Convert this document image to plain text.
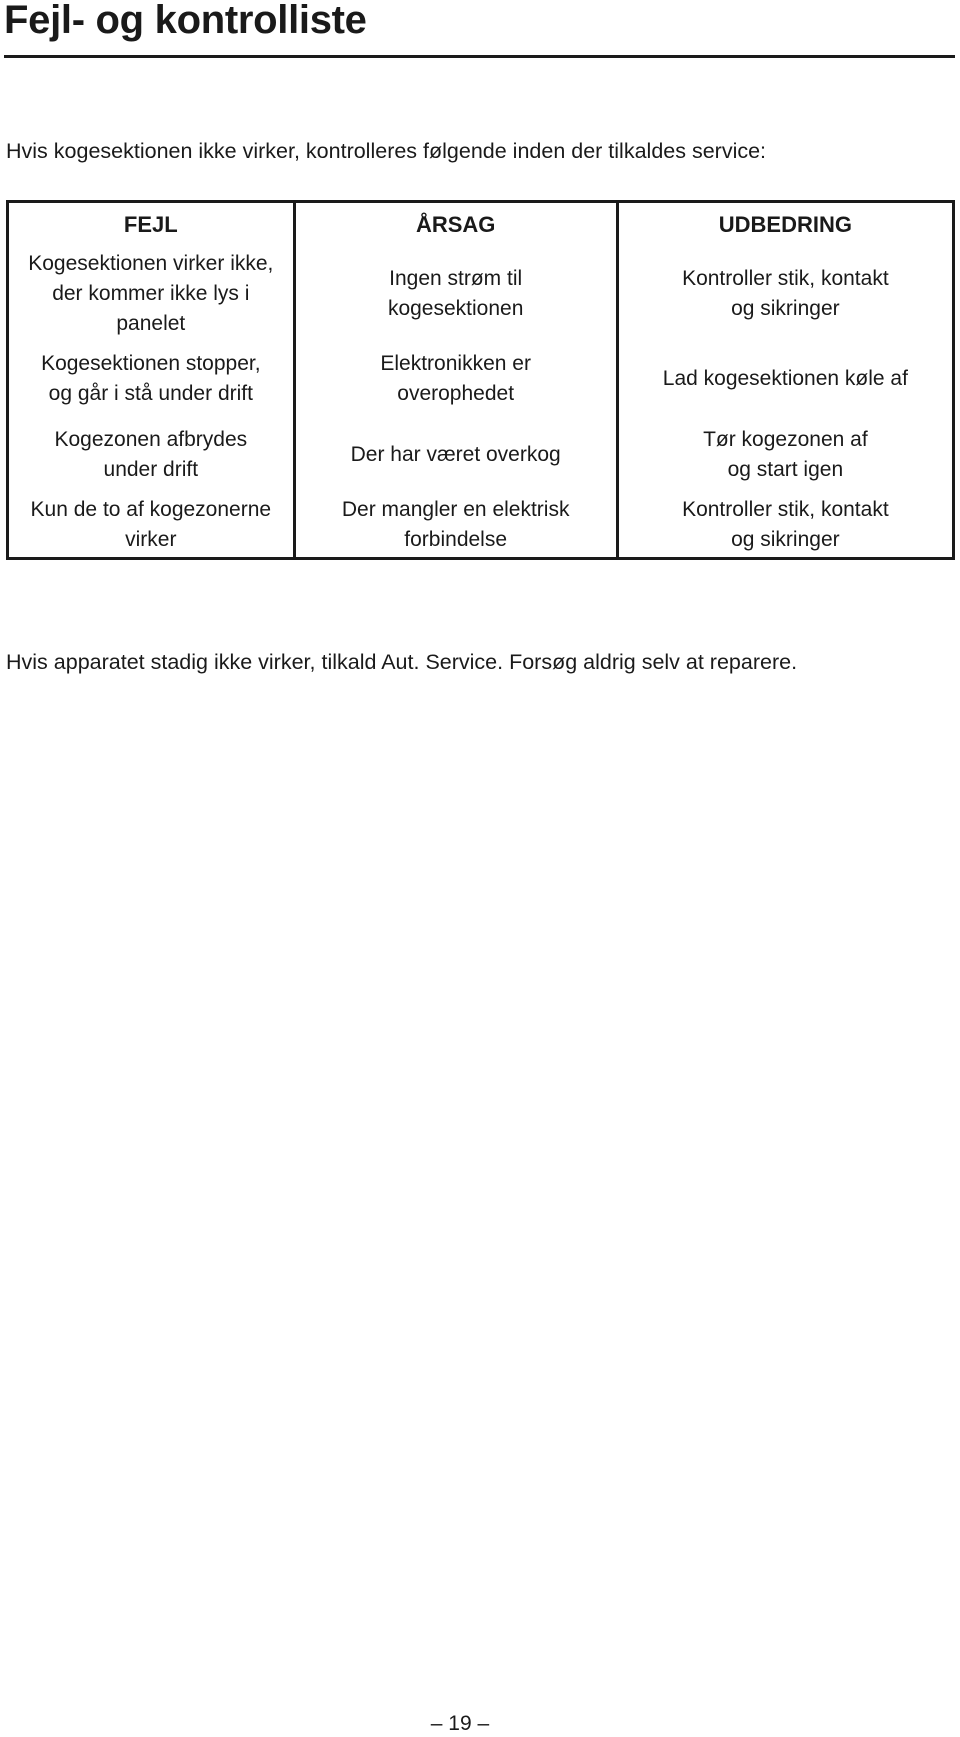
Fejl- og kontrolliste

Hvis kogesektionen ikke virker, kontrolleres følgende inden der tilkaldes service:

FEJL	ÅRSAG	UDBEDRING
Kogesektionen virker ikke,
der kommer ikke lys i
panelet	Ingen strøm til
kogesektionen	Kontroller stik, kontakt
og sikringer
Kogesektionen stopper,
og går i stå under drift	Elektronikken er
overophedet	Lad kogesektionen køle af
Kogezonen afbrydes
under drift	Der har været overkog	Tør kogezonen af
og start igen
Kun de to af kogezonerne
virker	Der mangler en elektrisk
forbindelse	Kontroller stik, kontakt
og sikringer

Hvis apparatet stadig ikke virker, tilkald Aut. Service. Forsøg aldrig selv at reparere.

– 19 –
